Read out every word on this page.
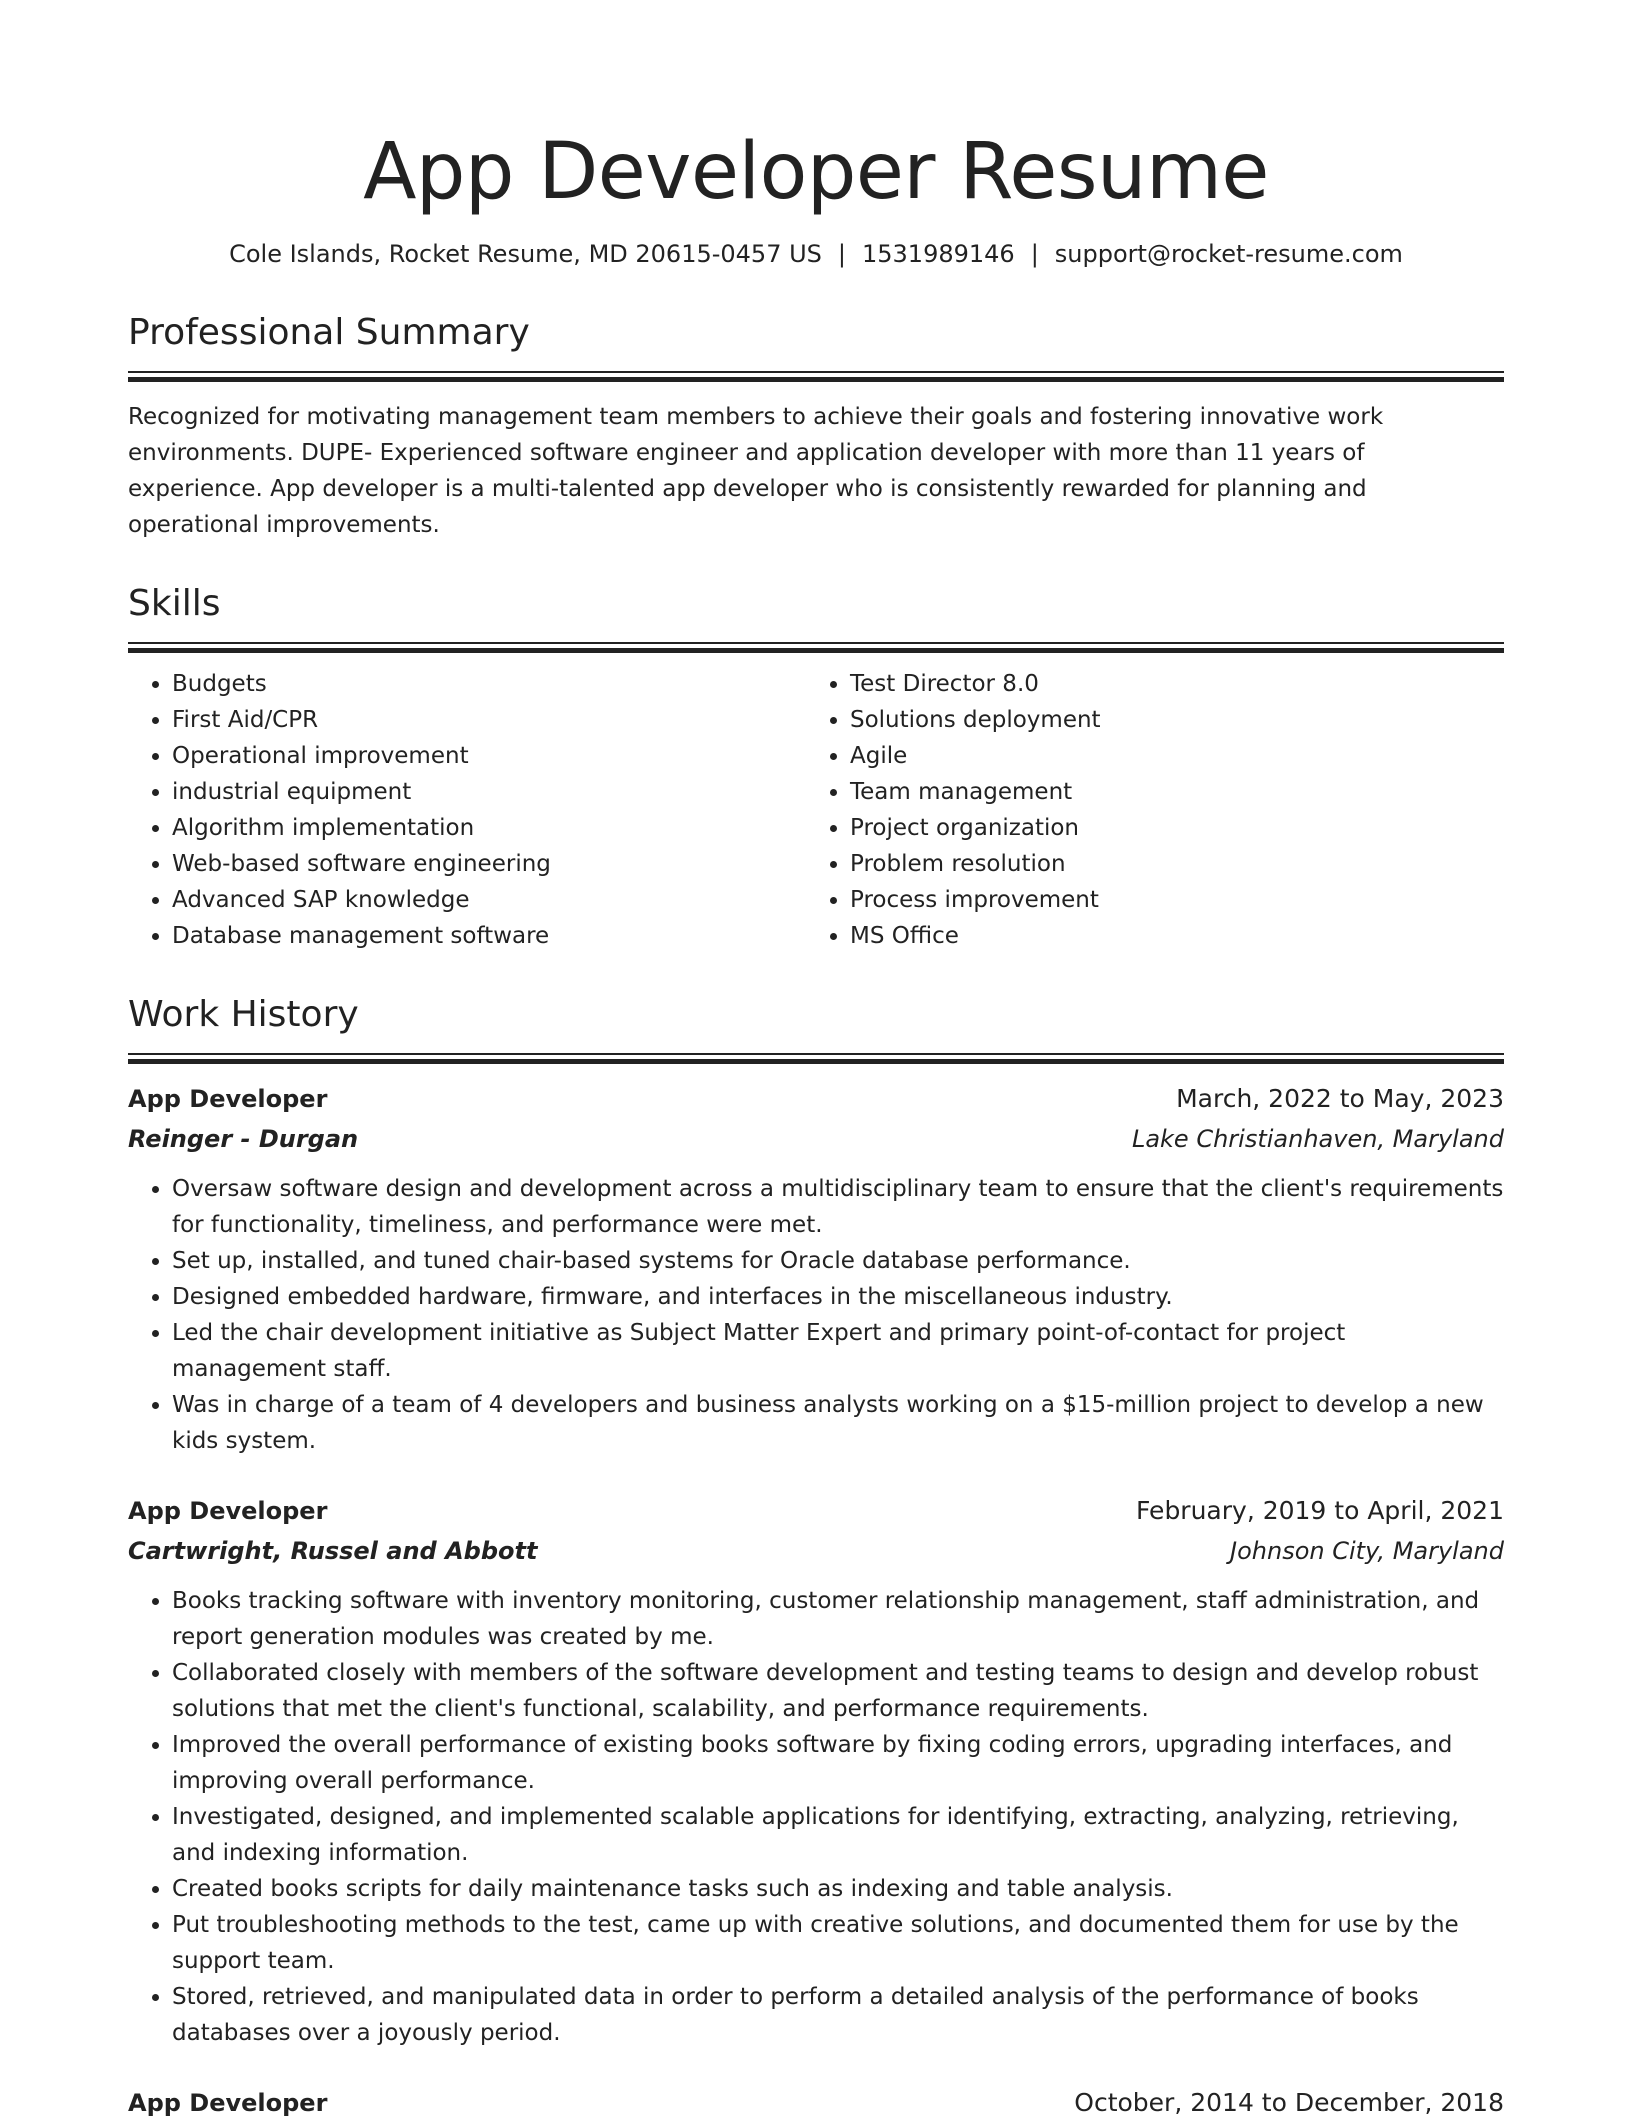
App Developer Resume
Cole Islands, Rocket Resume, MD 20615-0457 US | 1531989146 | support@rocket-resume.com
Professional Summary
Recognized for motivating management team members to achieve their goals and fostering innovative work environments. DUPE- Experienced software engineer and application developer with more than 11 years of experience. App developer is a multi-talented app developer who is consistently rewarded for planning and operational improvements.
Skills
• Budgets
• First Aid/CPR
• Operational improvement
• industrial equipment
• Algorithm implementation
• Web-based software engineering
• Advanced SAP knowledge
• Database management software
• Test Director 8.0
• Solutions deployment
• Agile
• Team management
• Project organization
• Problem resolution
• Process improvement
• MS Office
Work History
App Developer	March, 2022 to May, 2023
Reinger - Durgan	Lake Christianhaven, Maryland
• Oversaw software design and development across a multidisciplinary team to ensure that the client's requirements for functionality, timeliness, and performance were met.
• Set up, installed, and tuned chair-based systems for Oracle database performance.
• Designed embedded hardware, firmware, and interfaces in the miscellaneous industry.
• Led the chair development initiative as Subject Matter Expert and primary point-of-contact for project management staff.
• Was in charge of a team of 4 developers and business analysts working on a $15-million project to develop a new kids system.
App Developer	February, 2019 to April, 2021
Cartwright, Russel and Abbott	Johnson City, Maryland
• Books tracking software with inventory monitoring, customer relationship management, staff administration, and report generation modules was created by me.
• Collaborated closely with members of the software development and testing teams to design and develop robust solutions that met the client's functional, scalability, and performance requirements.
• Improved the overall performance of existing books software by fixing coding errors, upgrading interfaces, and improving overall performance.
• Investigated, designed, and implemented scalable applications for identifying, extracting, analyzing, retrieving, and indexing information.
• Created books scripts for daily maintenance tasks such as indexing and table analysis.
• Put troubleshooting methods to the test, came up with creative solutions, and documented them for use by the support team.
• Stored, retrieved, and manipulated data in order to perform a detailed analysis of the performance of books databases over a joyously period.
App Developer	October, 2014 to December, 2018
